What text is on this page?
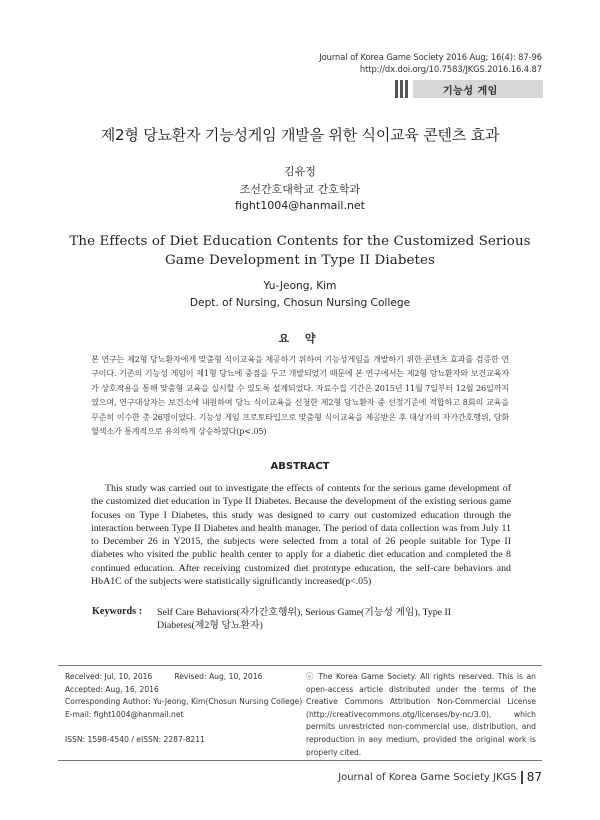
Journal of Korea Game Society 2016 Aug; 16(4): 87-96
http://dx.doi.org/10.7583/JKGS.2016.16.4.87
기능성 게임
제2형 당뇨환자 기능성게임 개발을 위한 식이교육 콘텐츠 효과
김유정
조선간호대학교 간호학과
fight1004@hanmail.net
The Effects of Diet Education Contents for the Customized Serious
Game Development in Type II Diabetes
Yu-Jeong, Kim
Dept. of Nursing, Chosun Nursing College
요 약
본 연구는 제2형 당뇨환자에게 맞춤형 식이교육을 제공하기 위하여 기능성게임을 개발하기 위한 콘텐츠 효과를 검증한 연구이다. 기존의 기능성 게임이 제1형 당뇨에 중점을 두고 개발되었기 때문에 본 연구에서는 제2형 당뇨환자와 보건교육자가 상호작용을 통해 맞춤형 교육을 실시할 수 있도록 설계되었다. 자료수집 기간은 2015년 11월 7일부터 12월 26일까지였으며, 연구대상자는 보건소에 내원하여 당뇨 식이교육을 신청한 제2형 당뇨환자 중 선정기준에 적합하고 8회의 교육을 꾸준히 이수한 총 26명이었다. 기능성 게임 프로토타입으로 맞춤형 식이교육을 제공받은 후 대상자의 자가간호행위, 당화혈색소가 통계적으로 유의하게 상승하였다(p<.05)
ABSTRACT
This study was carried out to investigate the effects of contents for the serious game development of the customized diet education in Type II Diabetes. Because the development of the existing serious game focuses on Type I Diabetes, this study was designed to carry out customized education through the interaction between Type II Diabetes and health manager. The period of data collection was from July 11 to December 26 in Y2015, the subjects were selected from a total of 26 people suitable for Type II diabetes who visited the public health center to apply for a diabetic diet education and completed the 8 continued education. After receiving customized diet prototype education, the self-care behaviors and HbA1C of the subjects were statistically significantly increased(p<.05)
Keywords : Self Care Behaviors(자가간호행위), Serious Game(기능성 게임), Type II Diabetes(제2형 당뇨환자)
Received: Jul, 10, 2016	Revised: Aug, 10, 2016
Accepted: Aug, 16, 2016
Corresponding Author: Yu-Jeong, Kim(Chosun Nursing College)
E-mail: fight1004@hanmail.net
ISSN: 1598-4540 / eISSN: 2287-8211
ⓒ The Korea Game Society. All rights reserved. This is an open-access article distributed under the terms of the Creative Commons Attribution Non-Commercial License (http://creativecommons.otg/licenses/by-nc/3.0), which permits unrestricted non-commercial use, distribution, and reproduction in any medium, provided the original work is properly cited.
Journal of Korea Game Society JKGS 87
